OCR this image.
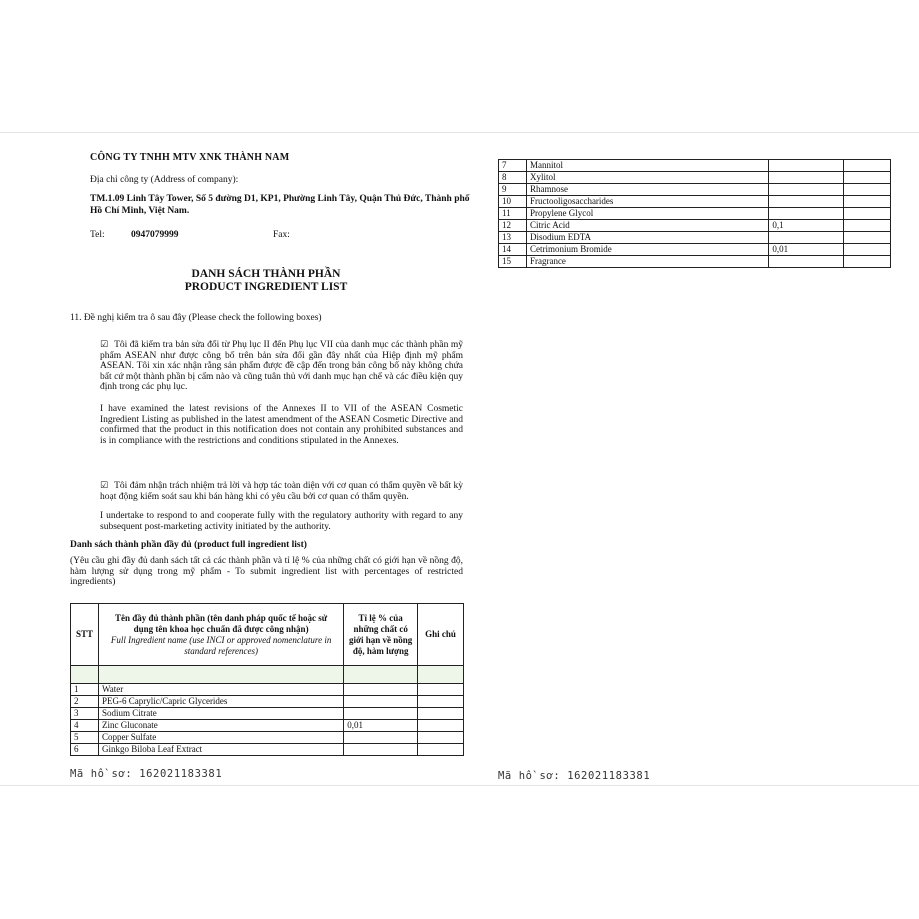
CÔNG TY TNHH MTV XNK THÀNH NAM
Địa chỉ công ty (Address of company):
TM.1.09 Linh Tây Tower, Số 5 đường D1, KP1, Phường Linh Tây, Quận Thủ Đức, Thành phố Hồ Chí Minh, Việt Nam.
Tel:	0947079999	Fax:
DANH SÁCH THÀNH PHẦN
PRODUCT INGREDIENT LIST
11. Đề nghị kiểm tra ô sau đây (Please check the following boxes)
☑ Tôi đã kiểm tra bản sửa đổi từ Phụ lục II đến Phụ lục VII của danh mục các thành phần mỹ phẩm ASEAN như được công bố trên bản sửa đổi gần đây nhất của Hiệp định mỹ phẩm ASEAN. Tôi xin xác nhận rằng sản phẩm được đề cập đến trong bản công bố này không chứa bất cứ một thành phần bị cấm nào và cũng tuân thủ với danh mục hạn chế và các điều kiện quy định trong các phụ lục.
I have examined the latest revisions of the Annexes II to VII of the ASEAN Cosmetic Ingredient Listing as published in the latest amendment of the ASEAN Cosmetic Directive and confirmed that the product in this notification does not contain any prohibited substances and is in compliance with the restrictions and conditions stipulated in the Annexes.
☑ Tôi đảm nhận trách nhiệm trả lời và hợp tác toàn diện với cơ quan có thẩm quyền về bất kỳ hoạt động kiểm soát sau khi bán hàng khi có yêu cầu bởi cơ quan có thẩm quyền.
I undertake to respond to and cooperate fully with the regulatory authority with regard to any subsequent post-marketing activity initiated by the authority.
Danh sách thành phần đầy đủ (product full ingredient list)
(Yêu cầu ghi đầy đủ danh sách tất cả các thành phần và tỉ lệ % của những chất có giới hạn về nồng độ, hàm lượng sử dụng trong mỹ phẩm - To submit ingredient list with percentages of restricted ingredients)
STT	Tên đầy đủ thành phần (tên danh pháp quốc tế hoặc sử dụng tên khoa học chuẩn đã được công nhận)
Full Ingredient name (use INCI or approved nomenclature in standard references)	Tỉ lệ % của những chất có giới hạn về nồng độ, hàm lượng	Ghi chú

1	Water		
2	PEG-6 Caprylic/Capric Glycerides		
3	Sodium Citrate		
4	Zinc Gluconate	0,01	
5	Copper Sulfate		
6	Ginkgo Biloba Leaf Extract		
7	Mannitol		
8	Xylitol		
9	Rhamnose		
10	Fructooligosaccharides		
11	Propylene Glycol		
12	Citric Acid	0,1	
13	Disodium EDTA		
14	Cetrimonium Bromide	0,01	
15	Fragrance		
Mã hồ sơ: 162021183381	Mã hồ sơ: 162021183381
